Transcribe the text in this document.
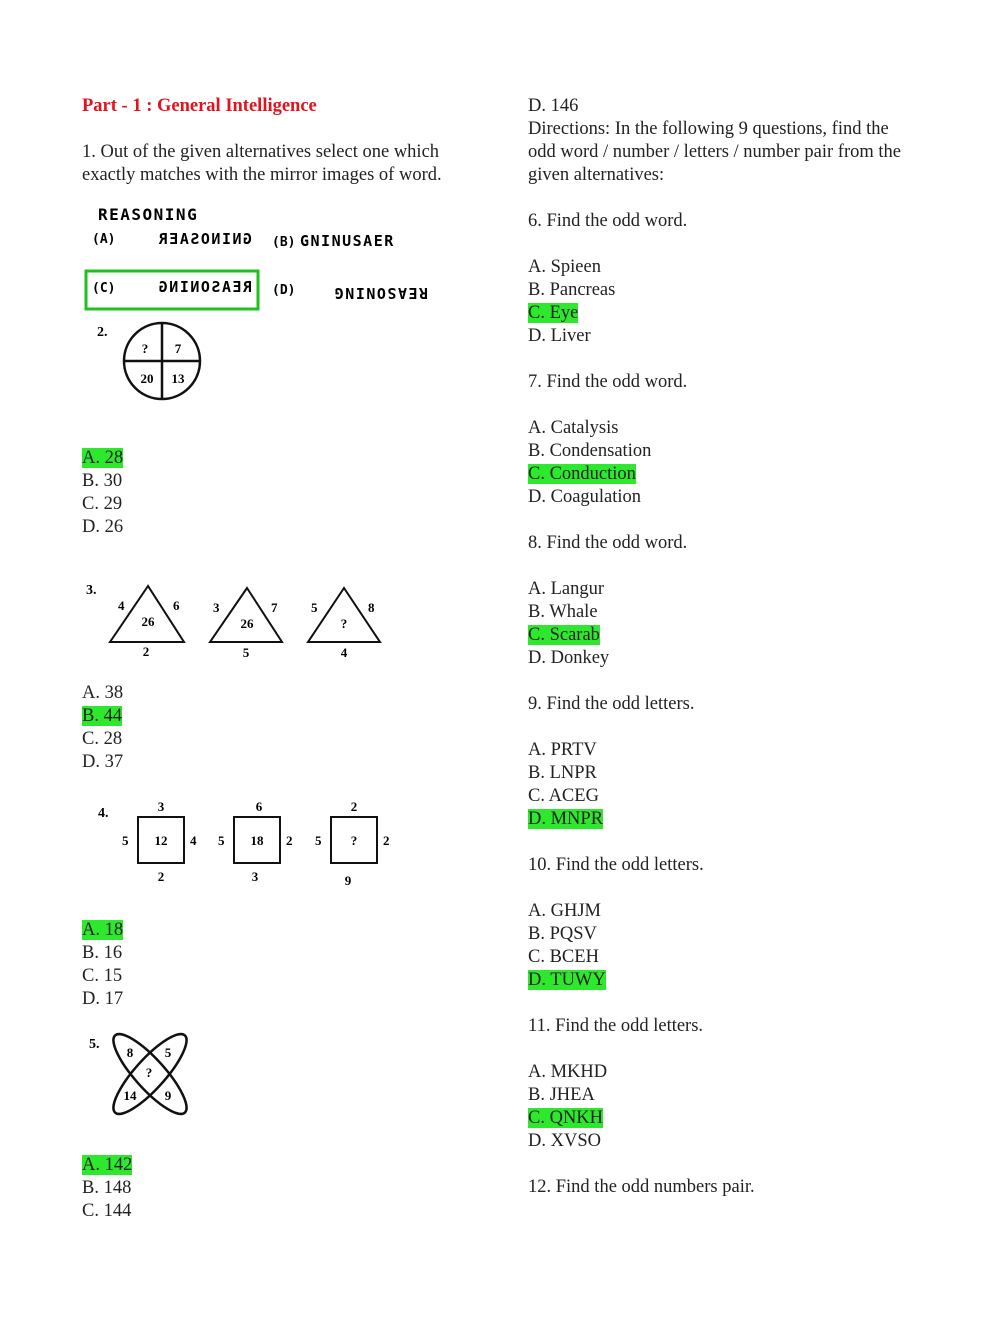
Part - 1 : General Intelligence

1. Out of the given alternatives select one which exactly matches with the mirror images of word.

REASONING
(A)	GNINOSAER (B) GNINUSAER
(C)	REASONING (D)	REASONING
2.
? 7
20 13
A. 28
B. 30
C. 29
D. 26
3.
4	6
26
2
3	7
26
5
5	8
?
4
A. 38
B. 44
C. 28
D. 37
4.	3
5	4
12
2
6
5	2
18
3
2
5	2
?
9
A. 18
B. 16
C. 15
D. 17
5.
8 5
?
14 9
A. 142
B. 148
C. 144

D. 146

Directions: In the following 9 questions, find the odd word / number / letters / number pair from the given alternatives:

6. Find the odd word.

A. Spieen
B. Pancreas
C. Eye
D. Liver

7. Find the odd word.

A. Catalysis
B. Condensation
C. Conduction
D. Coagulation

8. Find the odd word.

A. Langur
B. Whale
C. Scarab
D. Donkey

9. Find the odd letters.

A. PRTV
B. LNPR
C. ACEG
D. MNPR

10. Find the odd letters.

A. GHJM
B. PQSV
C. BCEH
D. TUWY

11. Find the odd letters.

A. MKHD
B. JHEA
C. QNKH
D. XVSO

12. Find the odd numbers pair.
